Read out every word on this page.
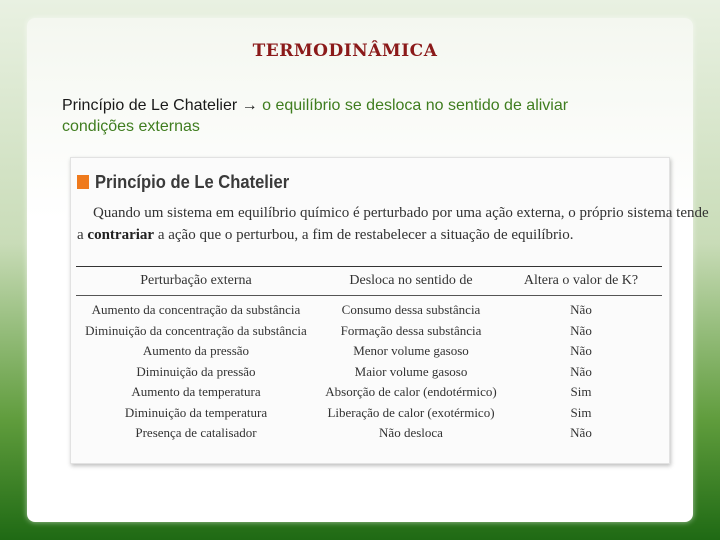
TERMODINÂMICA
Princípio de Le Chatelier → o equilíbrio se desloca no sentido de aliviar
condições externas
Princípio de Le Chatelier
Quando um sistema em equilíbrio químico é perturbado por uma ação externa, o próprio sistema tende
a contrariar a ação que o perturbou, a fim de restabelecer a situação de equilíbrio.
Perturbação externa	Desloca no sentido de	Altera o valor de K?
Aumento da concentração da substância	Consumo dessa substância	Não
Diminuição da concentração da substância	Formação dessa substância	Não
Aumento da pressão	Menor volume gasoso	Não
Diminuição da pressão	Maior volume gasoso	Não
Aumento da temperatura	Absorção de calor (endotérmico)	Sim
Diminuição da temperatura	Liberação de calor (exotérmico)	Sim
Presença de catalisador	Não desloca	Não
